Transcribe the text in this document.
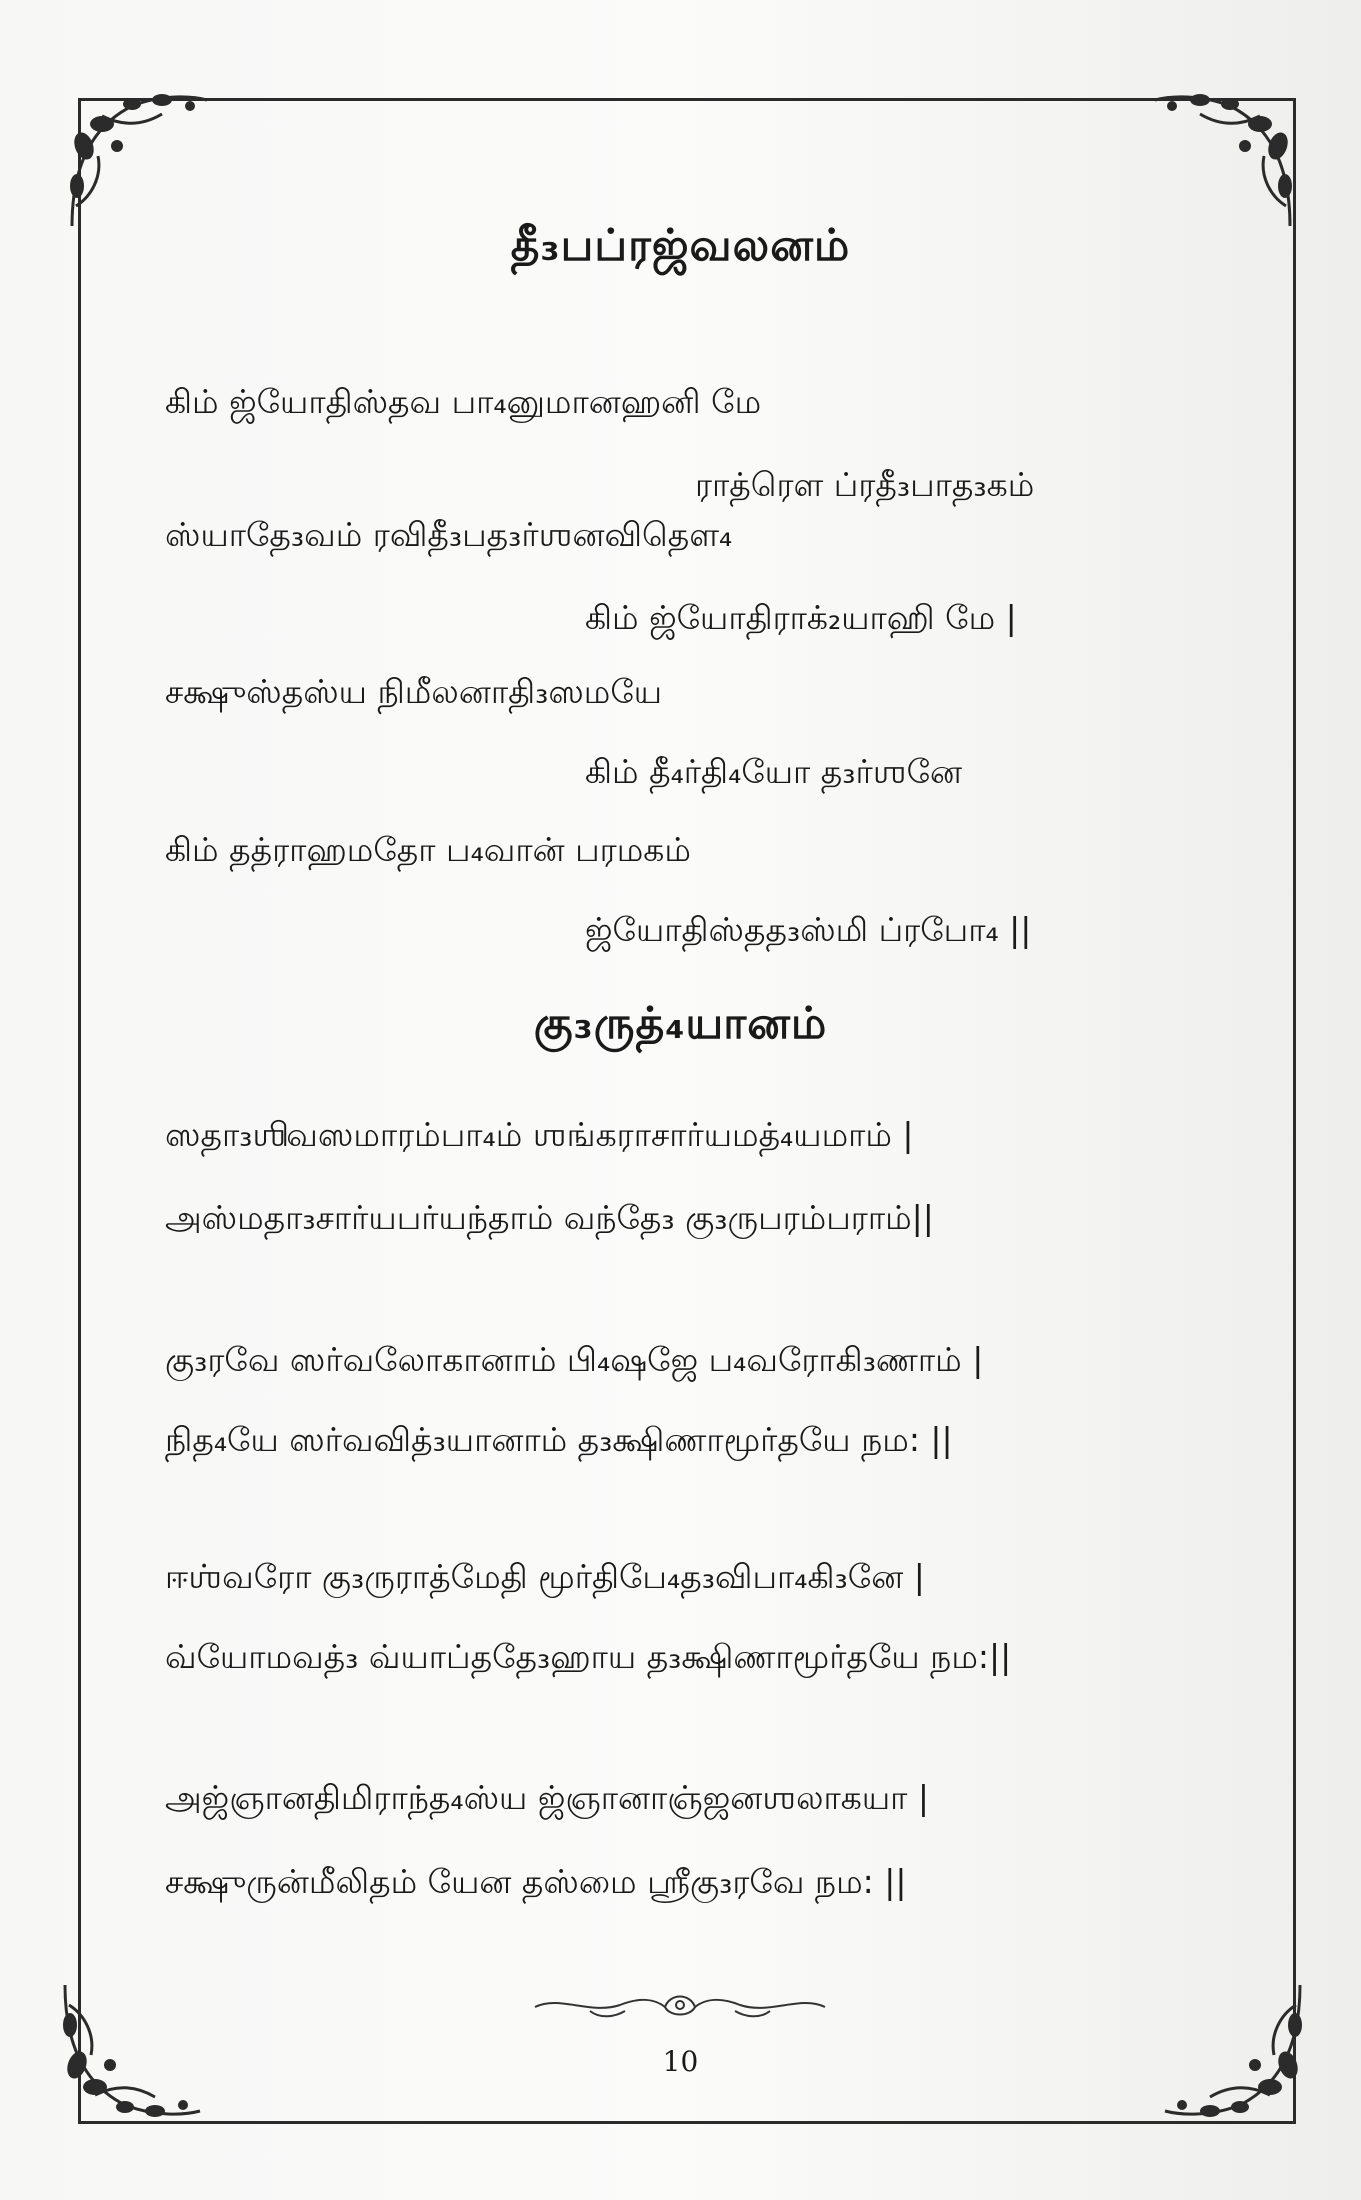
தீ₃பப்ரஜ்வலனம்
கிம் ஜ்யோதிஸ்தவ பா₄னுமானஹனி மே
ராத்ரௌ ப்ரதீ₃பாத₃கம்
ஸ்யாதே₃வம் ரவிதீ₃பத₃ர்ஶனவிதௌ₄
கிம் ஜ்யோதிராக்₂யாஹி மே |
சக்ஷுஸ்தஸ்ய நிமீலனாதி₃ஸமயே
கிம் தீ₄ர்தி₄யோ த₃ர்ஶனே
கிம் தத்ராஹமதோ ப₄வான் பரமகம்
ஜ்யோதிஸ்தத₃ஸ்மி ப்ரபோ₄ ||
கு₃ருத்₄யானம்
ஸதா₃ஶிவஸமாரம்பா₄ம் ஶங்கராசார்யமத்₄யமாம் |
அஸ்மதா₃சார்யபர்யந்தாம் வந்தே₃ கு₃ருபரம்பராம்||
கு₃ரவே ஸர்வலோகானாம் பி₄ஷஜே ப₄வரோகி₃ணாம் |
நித₄யே ஸர்வவித்₃யானாம் த₃க்ஷிணாமூர்தயே நம: ||
ஈஶ்வரோ கு₃ருராத்மேதி மூர்திபே₄த₃விபா₄கி₃னே |
வ்யோமவத்₃ வ்யாப்ததே₃ஹாய த₃க்ஷிணாமூர்தயே நம:||
அஜ்ஞானதிமிராந்த₄ஸ்ய ஜ்ஞானாஞ்ஜனஶலாகயா |
சக்ஷுருன்மீலிதம் யேன தஸ்மை ஶ்ரீகு₃ரவே நம: ||
10
